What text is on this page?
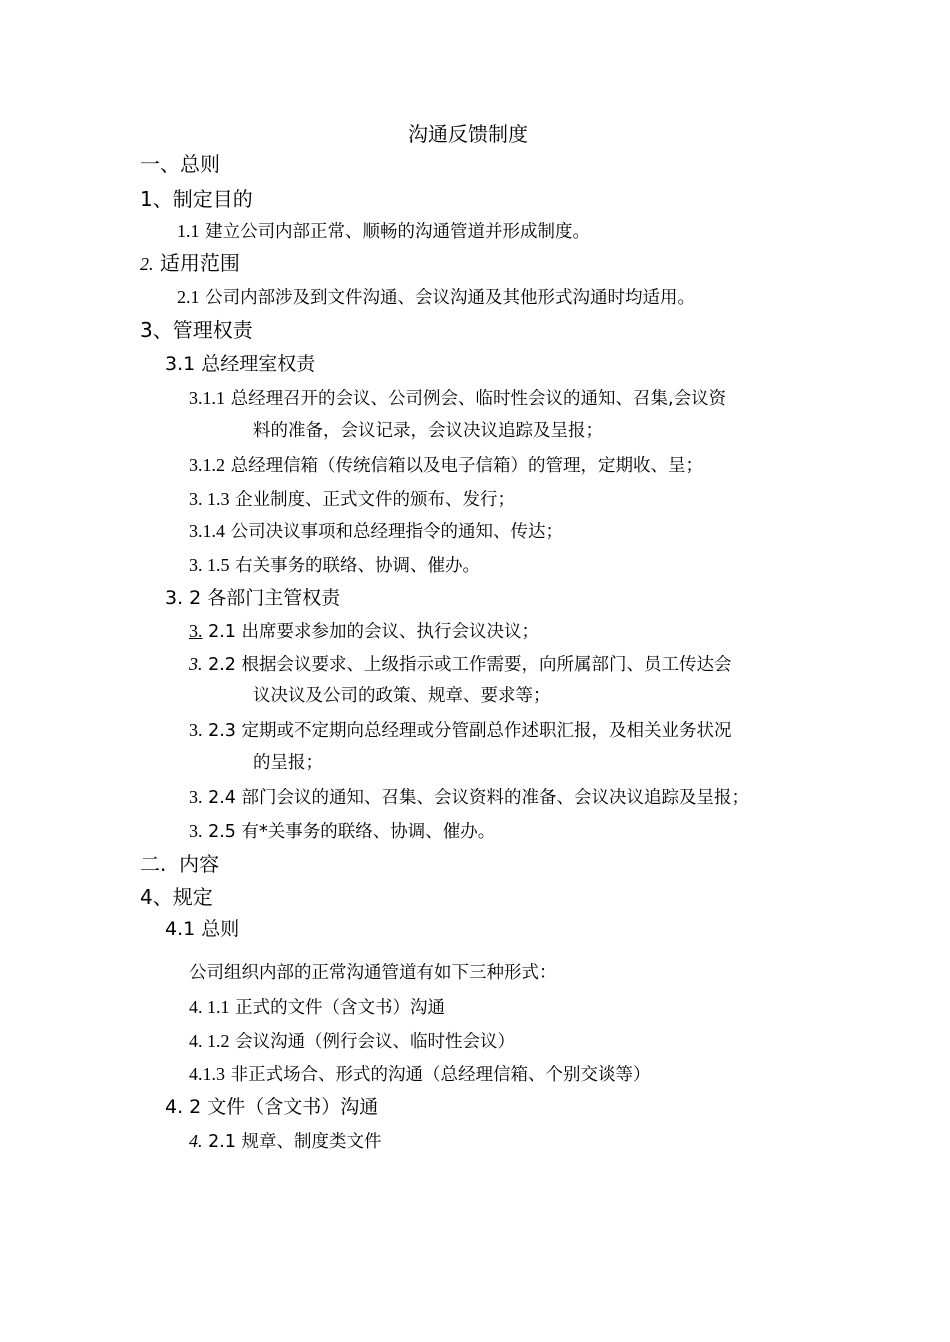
沟通反馈制度
一、总则
1、制定目的
1.1 建立公司内部正常、顺畅的沟通管道并形成制度。
2. 适用范围
2.1 公司内部涉及到文件沟通、会议沟通及其他形式沟通时均适用。
3、管理权责
3.1 总经理室权责
3.1.1 总经理召开的会议、公司例会、临时性会议的通知、召集,会议资
料的准备，会议记录，会议决议追踪及呈报；
3.1.2 总经理信箱（传统信箱以及电子信箱）的管理，定期收、呈；
3. 1.3 企业制度、正式文件的颁布、发行；
3.1.4 公司决议事项和总经理指令的通知、传达；
3. 1.5 右关事务的联络、协调、催办。
3. 2 各部门主管权责
3. 2.1 出席要求参加的会议、执行会议决议；
3. 2.2 根据会议要求、上级指示或工作需要，向所属部门、员工传达会
议决议及公司的政策、规章、要求等；
3. 2.3 定期或不定期向总经理或分管副总作述职汇报，及相关业务状况
的呈报；
3. 2.4 部门会议的通知、召集、会议资料的准备、会议决议追踪及呈报；
3. 2.5 有*关事务的联络、协调、催办。
二.  内容
4、规定
4.1 总则
公司组织内部的正常沟通管道有如下三种形式：
4. 1.1 正式的文件（含文书）沟通
4. 1.2 会议沟通（例行会议、临时性会议）
4.1.3 非正式场合、形式的沟通（总经理信箱、个别交谈等）
4. 2 文件（含文书）沟通
4. 2.1 规章、制度类文件
